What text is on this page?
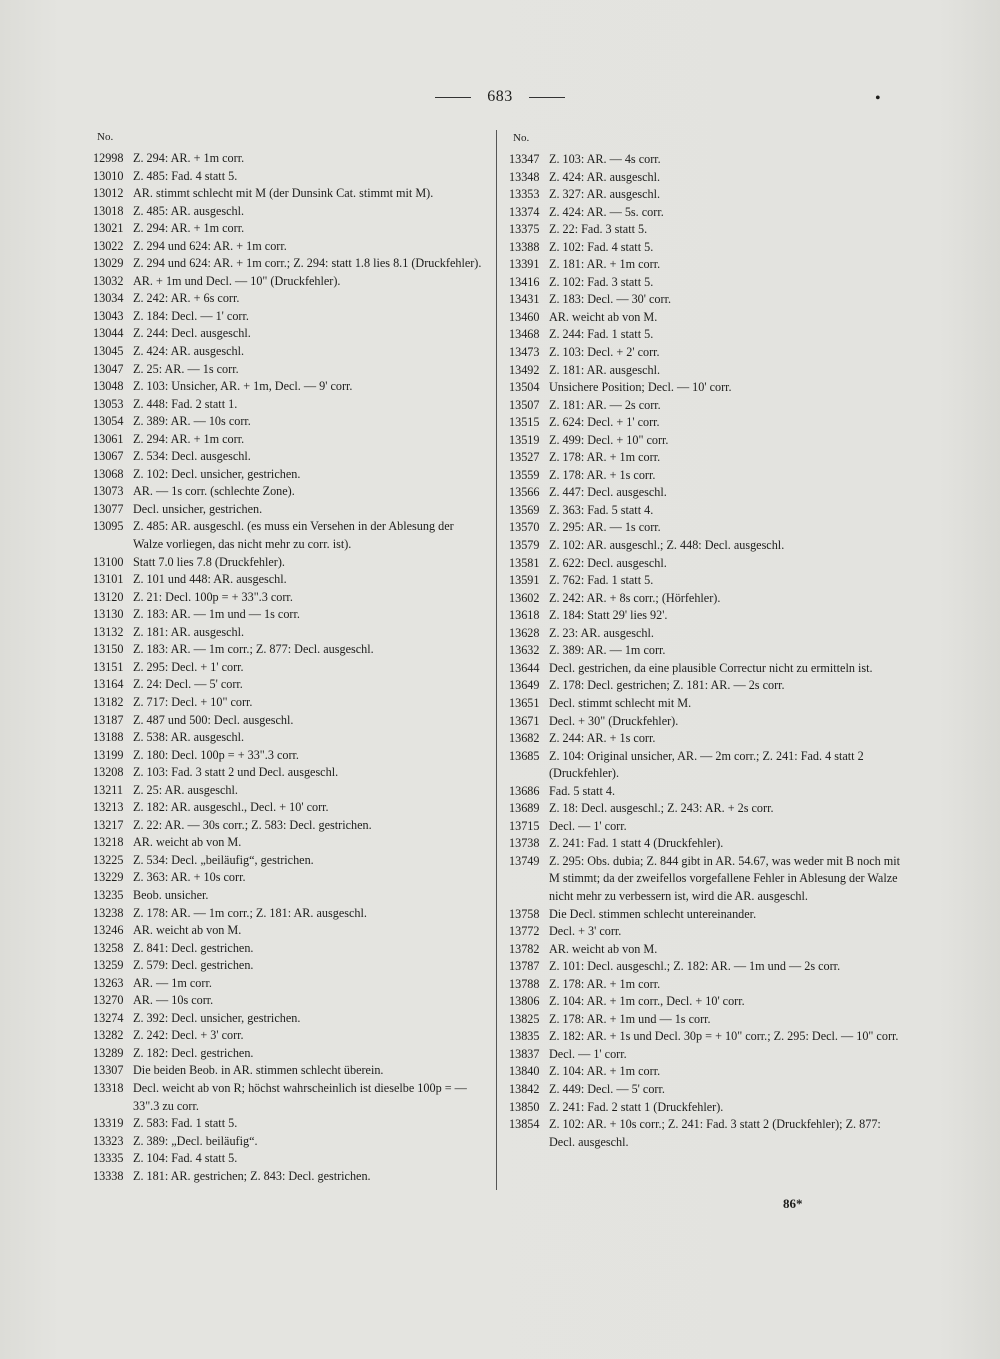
683	•
No.
12998 Z. 294: AR. + 1m corr.
13010 Z. 485: Fad. 4 statt 5.
13012 AR. stimmt schlecht mit M (der Dunsink Cat. stimmt mit M).
13018 Z. 485: AR. ausgeschl.
13021 Z. 294: AR. + 1m corr.
13022 Z. 294 und 624: AR. + 1m corr.
13029 Z. 294 und 624: AR. + 1m corr.; Z. 294: statt 1.8 lies 8.1 (Druckfehler).
13032 AR. + 1m und Decl. — 10" (Druckfehler).
13034 Z. 242: AR. + 6s corr.
13043 Z. 184: Decl. — 1' corr.
13044 Z. 244: Decl. ausgeschl.
13045 Z. 424: AR. ausgeschl.
13047 Z. 25: AR. — 1s corr.
13048 Z. 103: Unsicher, AR. + 1m, Decl. — 9' corr.
13053 Z. 448: Fad. 2 statt 1.
13054 Z. 389: AR. — 10s corr.
13061 Z. 294: AR. + 1m corr.
13067 Z. 534: Decl. ausgeschl.
13068 Z. 102: Decl. unsicher, gestrichen.
13073 AR. — 1s corr. (schlechte Zone).
13077 Decl. unsicher, gestrichen.
13095 Z. 485: AR. ausgeschl. (es muss ein Versehen in der Ablesung der Walze vorliegen, das nicht mehr zu corr. ist).
13100 Statt 7.0 lies 7.8 (Druckfehler).
13101 Z. 101 und 448: AR. ausgeschl.
13120 Z. 21: Decl. 100p = + 33".3 corr.
13130 Z. 183: AR. — 1m und — 1s corr.
13132 Z. 181: AR. ausgeschl.
13150 Z. 183: AR. — 1m corr.; Z. 877: Decl. ausgeschl.
13151 Z. 295: Decl. + 1' corr.
13164 Z. 24: Decl. — 5' corr.
13182 Z. 717: Decl. + 10" corr.
13187 Z. 487 und 500: Decl. ausgeschl.
13188 Z. 538: AR. ausgeschl.
13199 Z. 180: Decl. 100p = + 33".3 corr.
13208 Z. 103: Fad. 3 statt 2 und Decl. ausgeschl.
13211 Z. 25: AR. ausgeschl.
13213 Z. 182: AR. ausgeschl., Decl. + 10' corr.
13217 Z. 22: AR. — 30s corr.; Z. 583: Decl. gestrichen.
13218 AR. weicht ab von M.
13225 Z. 534: Decl. „beiläufig“, gestrichen.
13229 Z. 363: AR. + 10s corr.
13235 Beob. unsicher.
13238 Z. 178: AR. — 1m corr.; Z. 181: AR. ausgeschl.
13246 AR. weicht ab von M.
13258 Z. 841: Decl. gestrichen.
13259 Z. 579: Decl. gestrichen.
13263 AR. — 1m corr.
13270 AR. — 10s corr.
13274 Z. 392: Decl. unsicher, gestrichen.
13282 Z. 242: Decl. + 3' corr.
13289 Z. 182: Decl. gestrichen.
13307 Die beiden Beob. in AR. stimmen schlecht überein.
13318 Decl. weicht ab von R; höchst wahrscheinlich ist dieselbe 100p = — 33".3 zu corr.
13319 Z. 583: Fad. 1 statt 5.
13323 Z. 389: „Decl. beiläufig“.
13335 Z. 104: Fad. 4 statt 5.
13338 Z. 181: AR. gestrichen; Z. 843: Decl. gestrichen.
No.
13347 Z. 103: AR. — 4s corr.
13348 Z. 424: AR. ausgeschl.
13353 Z. 327: AR. ausgeschl.
13374 Z. 424: AR. — 5s. corr.
13375 Z. 22: Fad. 3 statt 5.
13388 Z. 102: Fad. 4 statt 5.
13391 Z. 181: AR. + 1m corr.
13416 Z. 102: Fad. 3 statt 5.
13431 Z. 183: Decl. — 30' corr.
13460 AR. weicht ab von M.
13468 Z. 244: Fad. 1 statt 5.
13473 Z. 103: Decl. + 2' corr.
13492 Z. 181: AR. ausgeschl.
13504 Unsichere Position; Decl. — 10' corr.
13507 Z. 181: AR. — 2s corr.
13515 Z. 624: Decl. + 1' corr.
13519 Z. 499: Decl. + 10" corr.
13527 Z. 178: AR. + 1m corr.
13559 Z. 178: AR. + 1s corr.
13566 Z. 447: Decl. ausgeschl.
13569 Z. 363: Fad. 5 statt 4.
13570 Z. 295: AR. — 1s corr.
13579 Z. 102: AR. ausgeschl.; Z. 448: Decl. ausgeschl.
13581 Z. 622: Decl. ausgeschl.
13591 Z. 762: Fad. 1 statt 5.
13602 Z. 242: AR. + 8s corr.; (Hörfehler).
13618 Z. 184: Statt 29' lies 92'.
13628 Z. 23: AR. ausgeschl.
13632 Z. 389: AR. — 1m corr.
13644 Decl. gestrichen, da eine plausible Correctur nicht zu ermitteln ist.
13649 Z. 178: Decl. gestrichen; Z. 181: AR. — 2s corr.
13651 Decl. stimmt schlecht mit M.
13671 Decl. + 30" (Druckfehler).
13682 Z. 244: AR. + 1s corr.
13685 Z. 104: Original unsicher, AR. — 2m corr.; Z. 241: Fad. 4 statt 2 (Druckfehler).
13686 Fad. 5 statt 4.
13689 Z. 18: Decl. ausgeschl.; Z. 243: AR. + 2s corr.
13715 Decl. — 1' corr.
13738 Z. 241: Fad. 1 statt 4 (Druckfehler).
13749 Z. 295: Obs. dubia; Z. 844 gibt in AR. 54.67, was weder mit B noch mit M stimmt; da der zweifellos vorgefallene Fehler in Ablesung der Walze nicht mehr zu verbessern ist, wird die AR. ausgeschl.
13758 Die Decl. stimmen schlecht untereinander.
13772 Decl. + 3' corr.
13782 AR. weicht ab von M.
13787 Z. 101: Decl. ausgeschl.; Z. 182: AR. — 1m und — 2s corr.
13788 Z. 178: AR. + 1m corr.
13806 Z. 104: AR. + 1m corr., Decl. + 10' corr.
13825 Z. 178: AR. + 1m und — 1s corr.
13835 Z. 182: AR. + 1s und Decl. 30p = + 10" corr.; Z. 295: Decl. — 10" corr.
13837 Decl. — 1' corr.
13840 Z. 104: AR. + 1m corr.
13842 Z. 449: Decl. — 5' corr.
13850 Z. 241: Fad. 2 statt 1 (Druckfehler).
13854 Z. 102: AR. + 10s corr.; Z. 241: Fad. 3 statt 2 (Druckfehler); Z. 877: Decl. ausgeschl.
86*
